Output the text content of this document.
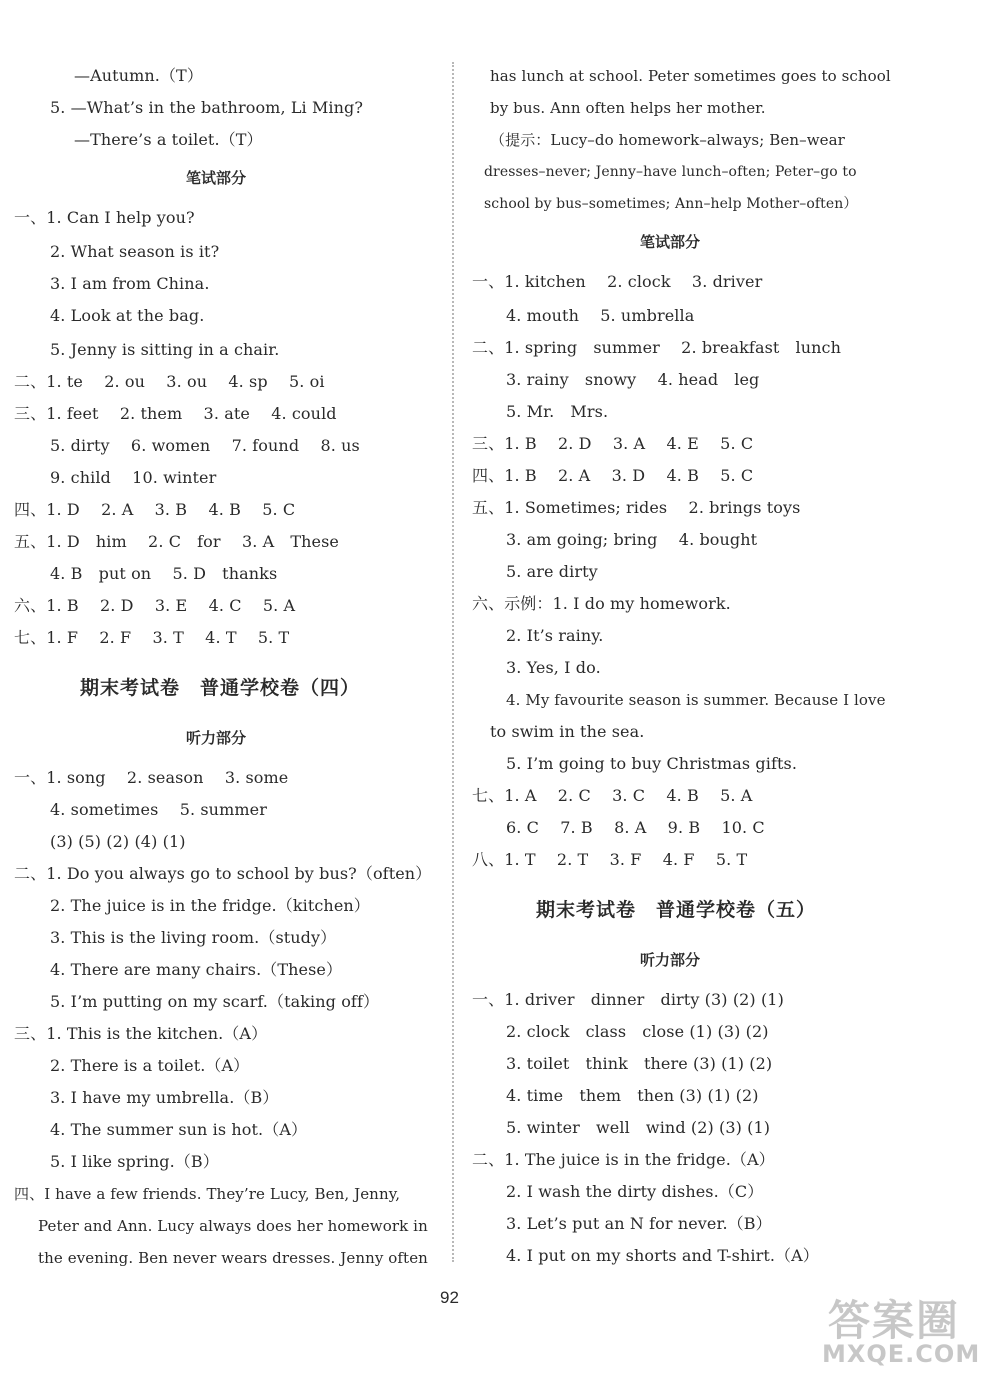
—Autumn.（T）
5. —What’s in the bathroom, Li Ming?
—There’s a toilet.（T）
笔试部分
一、1. Can I help you?
2. What season is it?
3. I am from China.
4. Look at the bag.
5. Jenny is sitting in a chair.
二、1. te　 2. ou　 3. ou　 4. sp　 5. oi
三、1. feet　 2. them　 3. ate　 4. could
5. dirty　 6. women　 7. found　 8. us
9. child　 10. winter
四、1. D　 2. A　 3. B　 4. B　 5. C
五、1. D　him　 2. C　for　 3. A　These
4. B　put on　 5. D　thanks
六、1. B　 2. D　 3. E　 4. C　 5. A
七、1. F　 2. F　 3. T　 4. T　 5. T
期末考试卷　普通学校卷（四）
听力部分
一、1. song　 2. season　 3. some
4. sometimes　 5. summer
(3) (5) (2) (4) (1)
二、1. Do you always go to school by bus?（often）
2. The juice is in the fridge.（kitchen）
3. This is the living room.（study）
4. There are many chairs.（These）
5. I’m putting on my scarf.（taking off）
三、1. This is the kitchen.（A）
2. There is a toilet.（A）
3. I have my umbrella.（B）
4. The summer sun is hot.（A）
5. I like spring.（B）
四、I have a few friends. They’re Lucy, Ben, Jenny,
Peter and Ann. Lucy always does her homework in
the evening. Ben never wears dresses. Jenny often
has lunch at school. Peter sometimes goes to school
by bus. Ann often helps her mother.
（提示：Lucy–do homework–always; Ben–wear
dresses–never; Jenny–have lunch–often; Peter–go to
school by bus–sometimes; Ann–help Mother–often）
笔试部分
一、1. kitchen　 2. clock　 3. driver
4. mouth　 5. umbrella
二、1. spring　summer　 2. breakfast　lunch
3. rainy　snowy　 4. head　leg
5. Mr.　Mrs.
三、1. B　 2. D　 3. A　 4. E　 5. C
四、1. B　 2. A　 3. D　 4. B　 5. C
五、1. Sometimes; rides　 2. brings toys
3. am going; bring　 4. bought
5. are dirty
六、示例：1. I do my homework.
2. It’s rainy.
3. Yes, I do.
4. My favourite season is summer. Because I love
to swim in the sea.
5. I’m going to buy Christmas gifts.
七、1. A　 2. C　 3. C　 4. B　 5. A
6. C　 7. B　 8. A　 9. B　 10. C
八、1. T　 2. T　 3. F　 4. F　 5. T
期末考试卷　普通学校卷（五）
听力部分
一、1. driver　dinner　dirty (3) (2) (1)
2. clock　class　close (1) (3) (2)
3. toilet　think　there (3) (1) (2)
4. time　them　then (3) (1) (2)
5. winter　well　wind (2) (3) (1)
二、1. The juice is in the fridge.（A）
2. I wash the dirty dishes.（C）
3. Let’s put an N for never.（B）
4. I put on my shorts and T-shirt.（A）
92	答案圈
MXQE.COM
